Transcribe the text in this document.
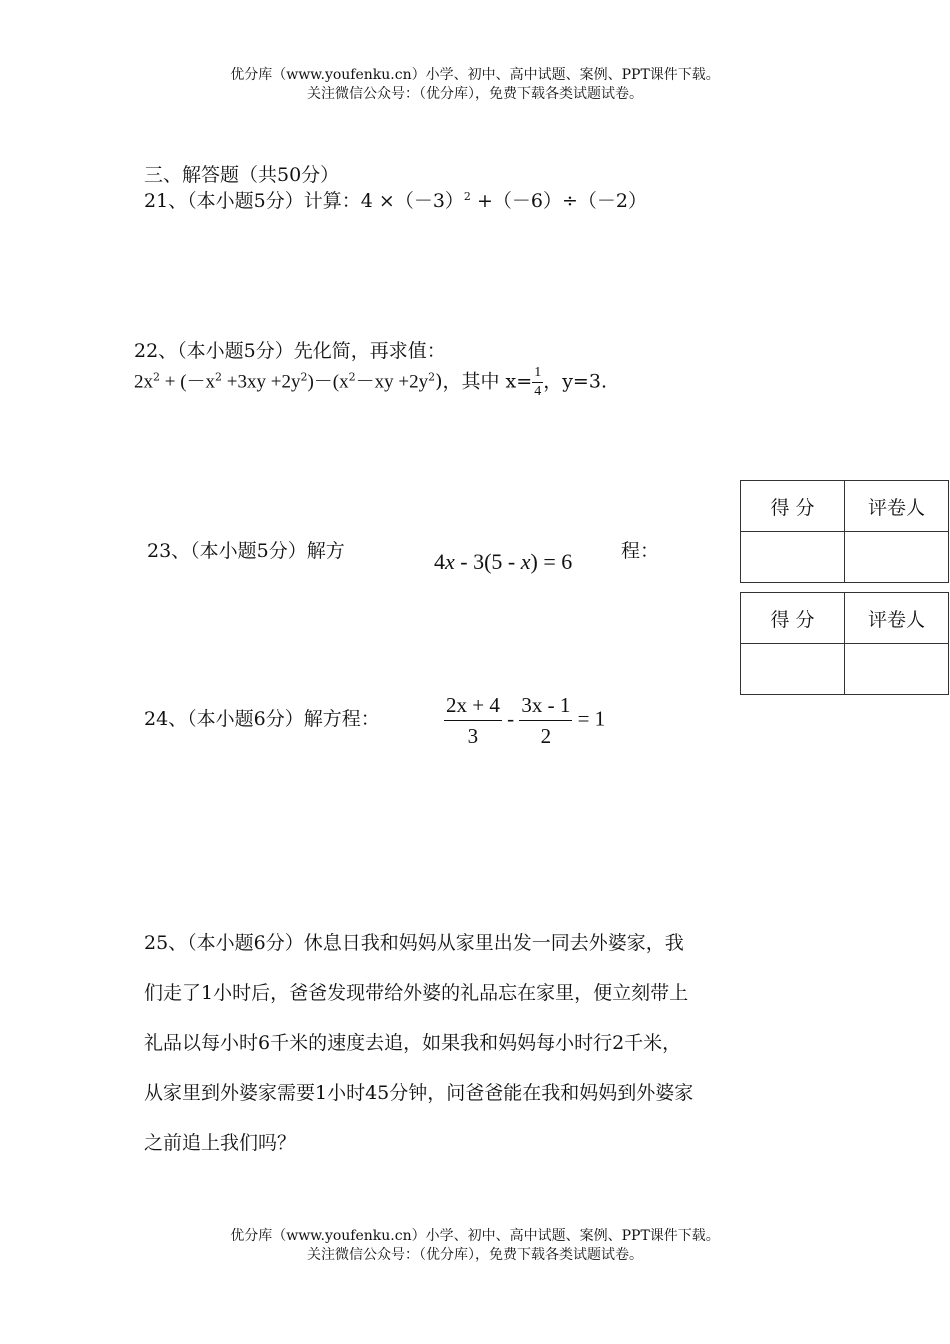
优分库（www.youfenku.cn）小学、初中、高中试题、案例、PPT课件下载。
关注微信公众号：（优分库），免费下载各类试题试卷。
三、解答题（共50分）
21、（本小题5分）计算：$4 \times(-3)^2 +(-6)\div(-2)$
22、（本小题5分）先化简，再求值：
$2x^2 + (-x^2 +3xy +2y^2)-(x^2-xy +2y^2)$，其中 $x= \frac{1}{4}$ ，y=3.
得 分	评卷人

得 分	评卷人

23、（本小题5分）解方	4x - 3(5 - x) = 6	程：
24、（本小题6分）解方程：	$\frac{2x + 4}{3} - \frac{3x - 1}{2} = 1$
25、（本小题6分）休息日我和妈妈从家里出发一同去外婆家，我
们走了1小时后，爸爸发现带给外婆的礼品忘在家里，便立刻带上
礼品以每小时6千米的速度去追，如果我和妈妈每小时行2千米，
从家里到外婆家需要1小时45分钟，问爸爸能在我和妈妈到外婆家
之前追上我们吗？
优分库（www.youfenku.cn）小学、初中、高中试题、案例、PPT课件下载。
关注微信公众号：（优分库），免费下载各类试题试卷。
